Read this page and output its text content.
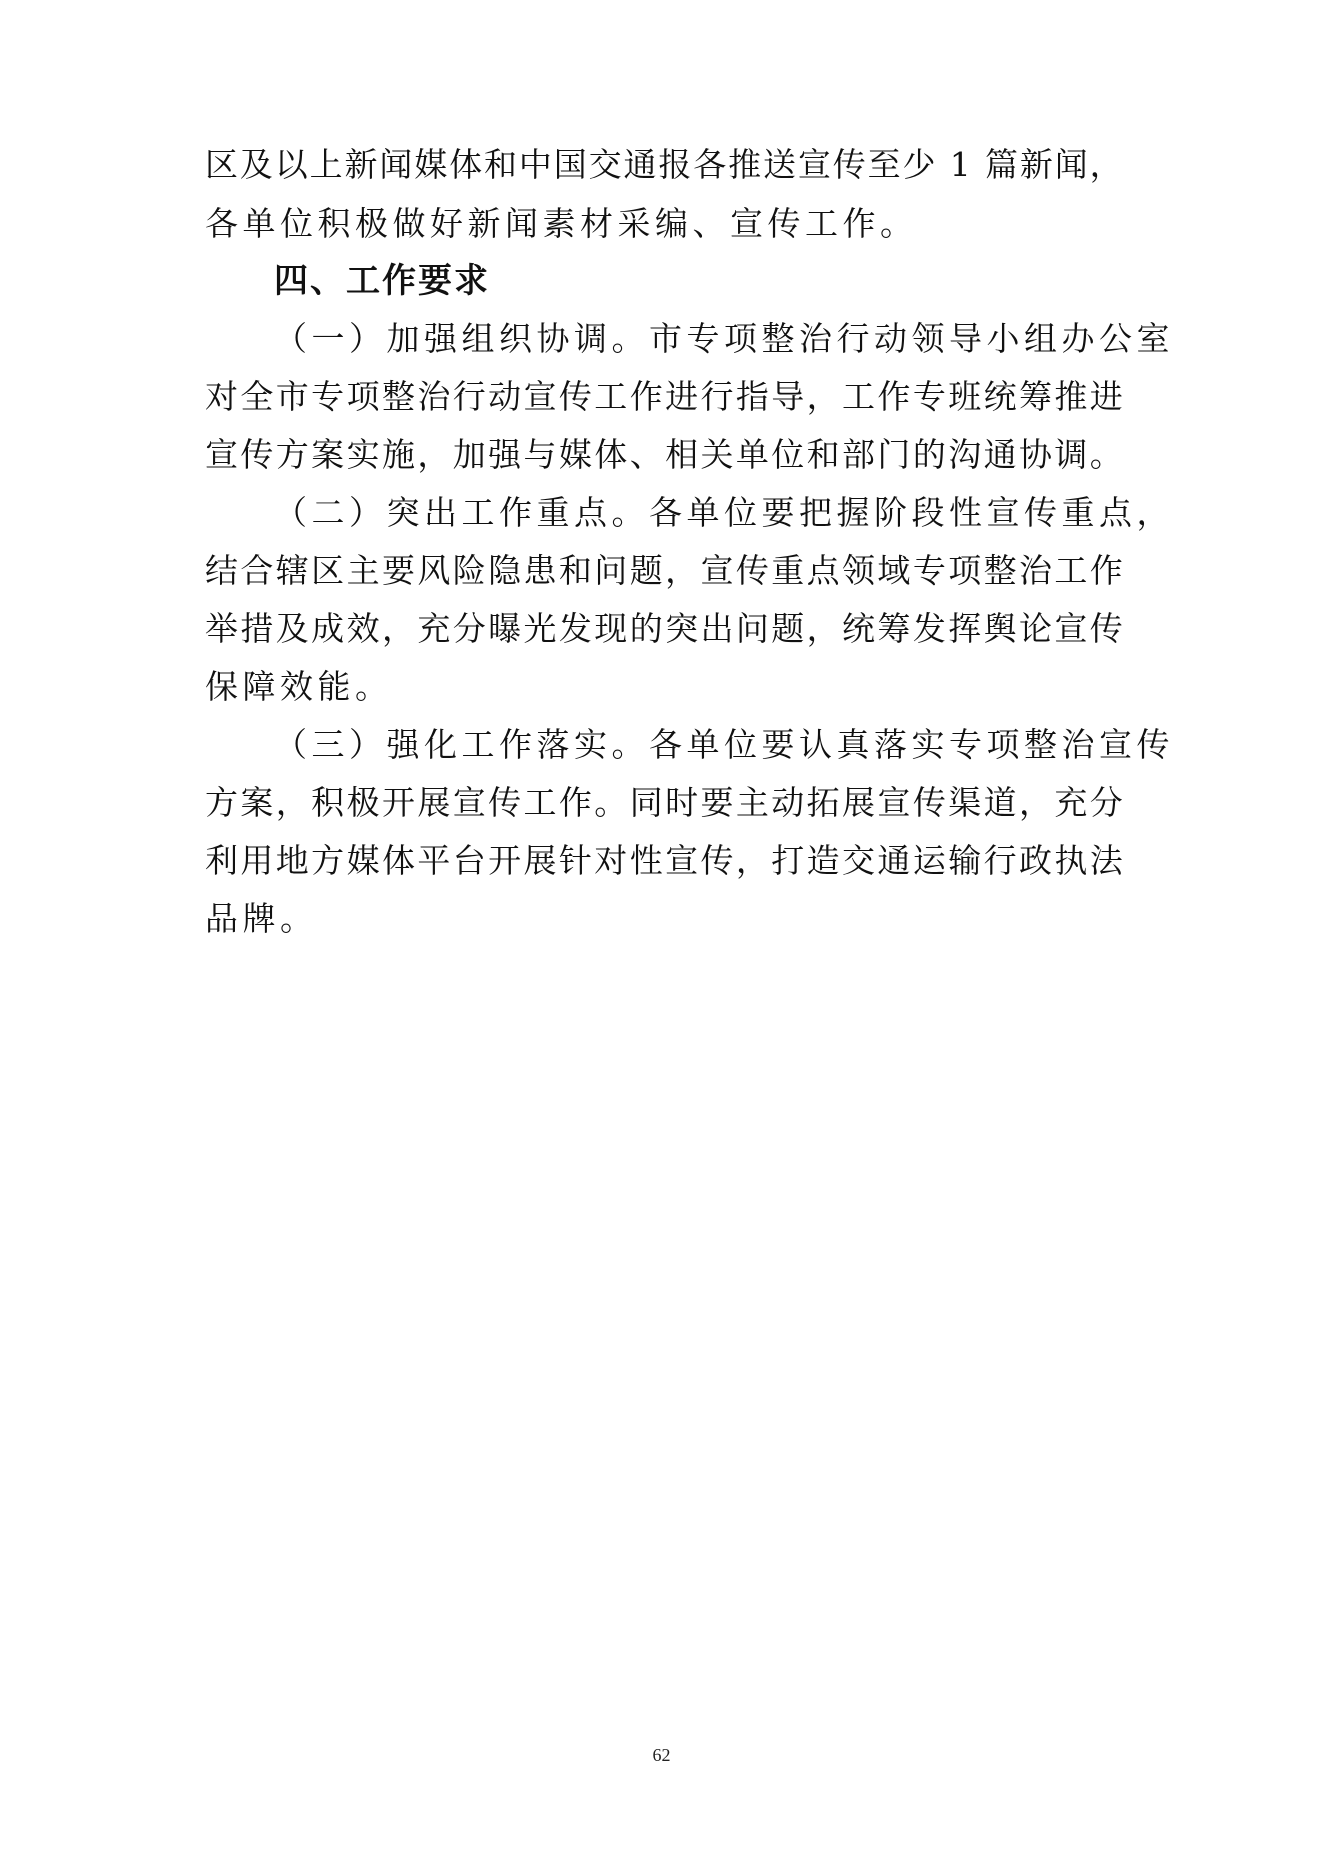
区 及 以 上 新 闻 媒 体 和 中 国 交 通 报 各 推 送 宣 传 至 少
1
篇 新 闻 ，
各单位积极做好新闻素材采编、宣传工作。
四、工作要求
（一）加强组织协调。市专项整治行动领导小组办公室
对 全 市 专 项 整 治 行 动 宣 传 工 作 进 行 指 导 ， 工 作 专 班 统 筹 推 进
宣 传 方 案 实 施 ， 加 强 与 媒 体 、 相 关 单 位 和 部 门 的 沟 通 协 调 。
（二）突出工作重点。各单位要把握阶段性宣传重点，
结 合 辖 区 主 要 风 险 隐 患 和 问 题 ， 宣 传 重 点 领 域 专 项 整 治 工 作
举 措 及 成 效 ， 充 分 曝 光 发 现 的 突 出 问 题 ， 统 筹 发 挥 舆 论 宣 传
保障效能。
（三）强化工作落实。各单位要认真落实专项整治宣传
方 案 ， 积 极 开 展 宣 传 工 作 。 同 时 要 主 动 拓 展 宣 传 渠 道 ， 充 分
利 用 地 方 媒 体 平 台 开 展 针 对 性 宣 传 ， 打 造 交 通 运 输 行 政 执 法
品牌。
62
